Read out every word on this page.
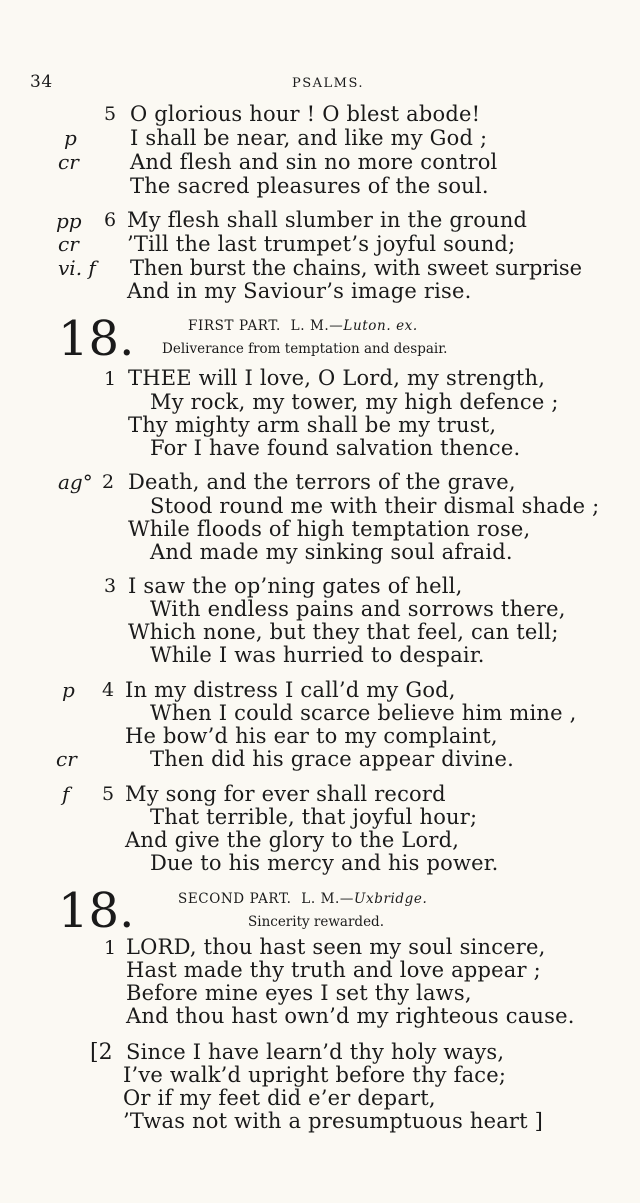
34	PSALMS.
5 O glorious hour ! O blest abode!
p	I shall be near, and like my God ;
cr And flesh and sin no more control
The sacred pleasures of the soul.
pp 6 My flesh shall slumber in the ground
cr ’Till the last trumpet’s joyful sound;
vi. f Then burst the chains, with sweet surprise
And in my Saviour’s image rise.
18.	FIRST PART. L. M.—Luton. ex.
Deliverance from temptation and despair.
1 THEE will I love, O Lord, my strength,
My rock, my tower, my high defence ;
Thy mighty arm shall be my trust,
For I have found salvation thence.
ag° 2 Death, and the terrors of the grave,
Stood round me with their dismal shade ;
While floods of high temptation rose,
And made my sinking soul afraid.
3 I saw the op’ning gates of hell,
With endless pains and sorrows there,
Which none, but they that feel, can tell;
While I was hurried to despair.
p 4 In my distress I call’d my God,
When I could scarce believe him mine ,
He bow’d his ear to my complaint,
cr	Then did his grace appear divine.
f 5 My song for ever shall record
That terrible, that joyful hour;
And give the glory to the Lord,
Due to his mercy and his power.
18.	SECOND PART. L. M.—Uxbridge.
Sincerity rewarded.
1 LORD, thou hast seen my soul sincere,
Hast made thy truth and love appear ;
Before mine eyes I set thy laws,
And thou hast own’d my righteous cause.
[2 Since I have learn’d thy holy ways,
I’ve walk’d upright before thy face;
Or if my feet did e’er depart,
’Twas not with a presumptuous heart ]
